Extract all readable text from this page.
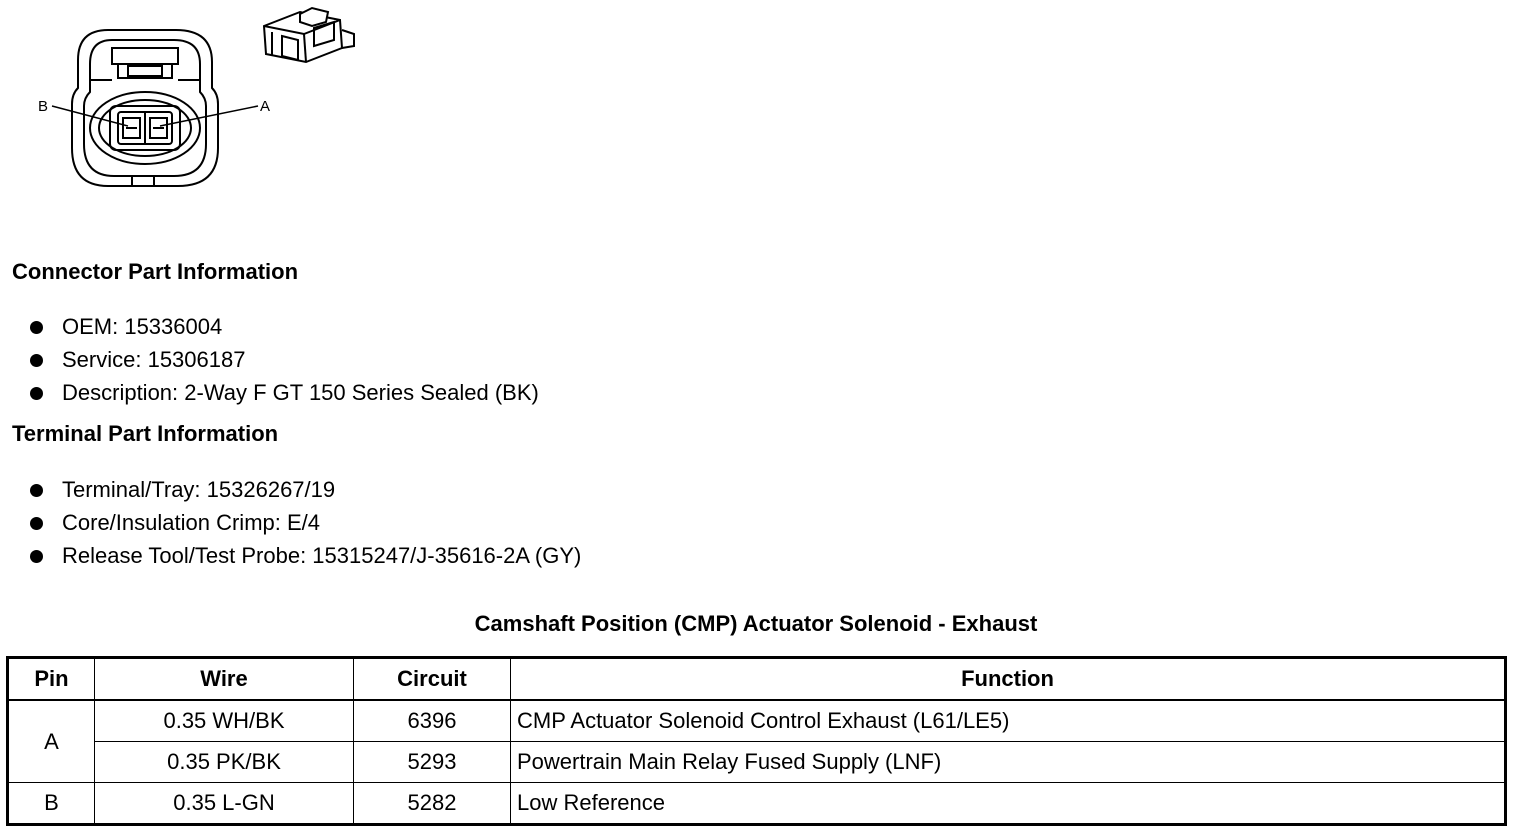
B	A
Connector Part Information
OEM: 15336004
Service: 15306187
Description: 2-Way F GT 150 Series Sealed (BK)
Terminal Part Information
Terminal/Tray: 15326267/19
Core/Insulation Crimp: E/4
Release Tool/Test Probe: 15315247/J-35616-2A (GY)
Camshaft Position (CMP) Actuator Solenoid - Exhaust
Pin	Wire	Circuit	Function
A	0.35 WH/BK	6396	CMP Actuator Solenoid Control Exhaust (L61/LE5)
	0.35 PK/BK	5293	Powertrain Main Relay Fused Supply (LNF)
B	0.35 L-GN	5282	Low Reference
